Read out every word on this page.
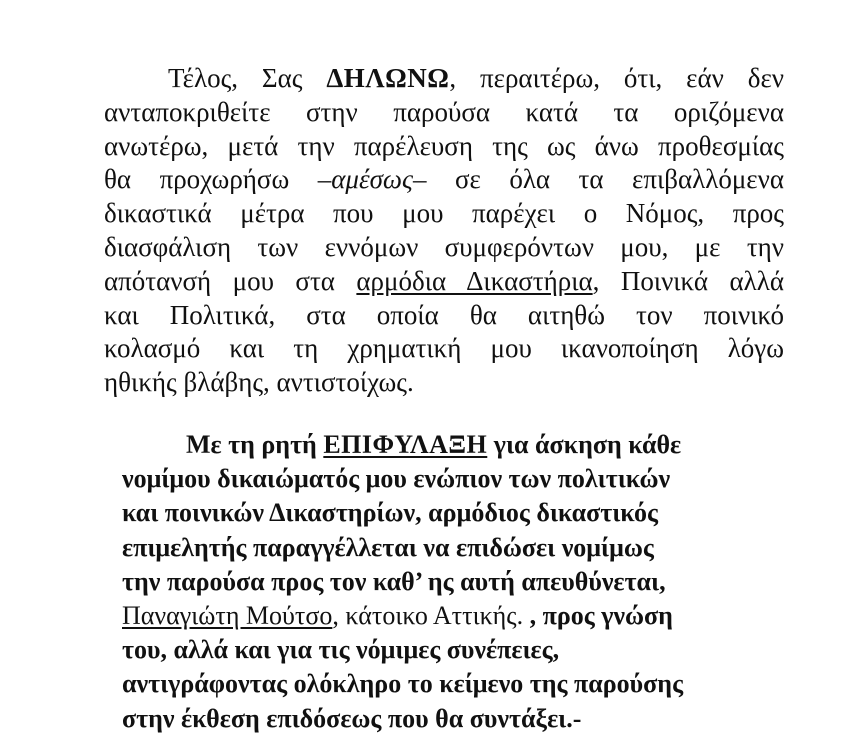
Τέλος, Σας ΔΗΛΩΝΩ, περαιτέρω, ότι, εάν δεν
ανταποκριθείτε στην παρούσα κατά τα οριζόμενα
ανωτέρω, μετά την παρέλευση της ως άνω προθεσμίας
θα προχωρήσω –αμέσως– σε όλα τα επιβαλλόμενα
δικαστικά μέτρα που μου παρέχει ο Νόμος, προς
διασφάλιση των εννόμων συμφερόντων μου, με την
απότανσή μου στα αρμόδια Δικαστήρια, Ποινικά αλλά
και Πολιτικά, στα οποία θα αιτηθώ τον ποινικό
κολασμό και τη χρηματική μου ικανοποίηση λόγω
ηθικής βλάβης, αντιστοίχως.
Με τη ρητή ΕΠΙΦΥΛΑΞΗ για άσκηση κάθε
νομίμου δικαιώματός μου ενώπιον των πολιτικών
και ποινικών Δικαστηρίων, αρμόδιος δικαστικός
επιμελητής παραγγέλλεται να επιδώσει νομίμως
την παρούσα προς τον καθ’ ης αυτή απευθύνεται,
Παναγιώτη Μούτσο, κάτοικο Αττικής. , προς γνώση
του, αλλά και για τις νόμιμες συνέπειες,
αντιγράφοντας ολόκληρο το κείμενο της παρούσης
στην έκθεση επιδόσεως που θα συντάξει.-
